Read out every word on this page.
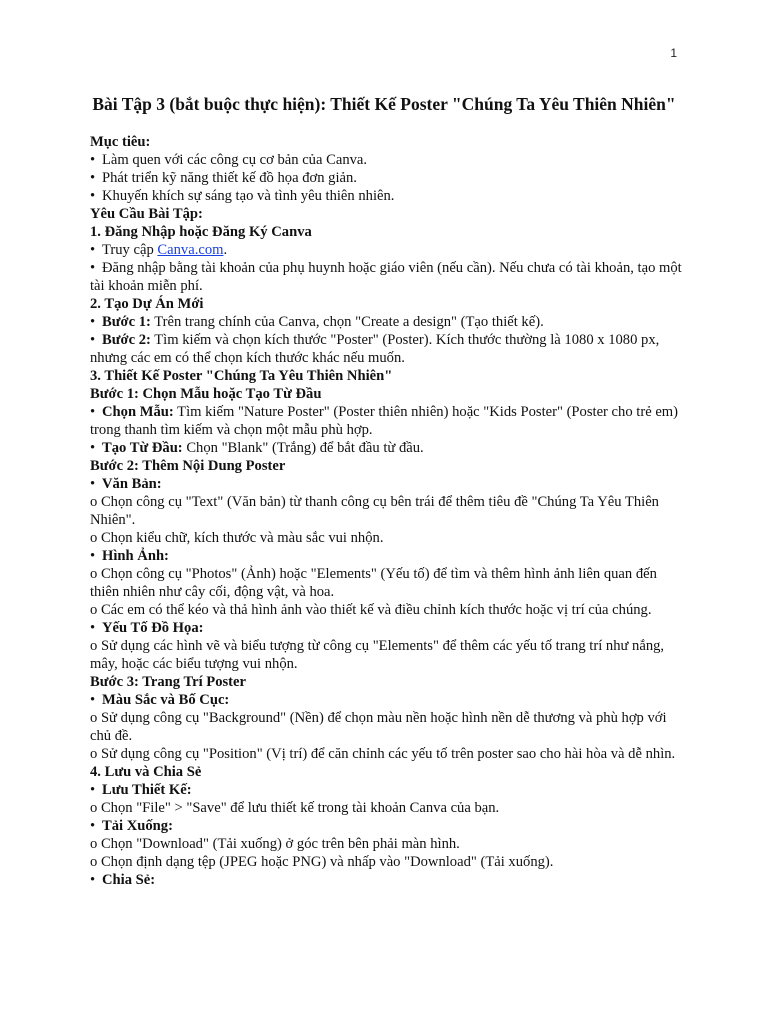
1
Bài Tập 3 (bắt buộc thực hiện): Thiết Kế Poster "Chúng Ta Yêu Thiên Nhiên"

Mục tiêu:

• Làm quen với các công cụ cơ bản của Canva.

• Phát triển kỹ năng thiết kế đồ họa đơn giản.

• Khuyến khích sự sáng tạo và tình yêu thiên nhiên.

Yêu Cầu Bài Tập:

1. Đăng Nhập hoặc Đăng Ký Canva

• Truy cập Canva.com.

• Đăng nhập bằng tài khoản của phụ huynh hoặc giáo viên (nếu cần). Nếu chưa có tài khoản, tạo một tài khoản miễn phí.

2. Tạo Dự Án Mới

• Bước 1: Trên trang chính của Canva, chọn "Create a design" (Tạo thiết kế).

• Bước 2: Tìm kiếm và chọn kích thước "Poster" (Poster). Kích thước thường là 1080 x 1080 px, nhưng các em có thể chọn kích thước khác nếu muốn.

3. Thiết Kế Poster "Chúng Ta Yêu Thiên Nhiên"

Bước 1: Chọn Mẫu hoặc Tạo Từ Đầu

• Chọn Mẫu: Tìm kiếm "Nature Poster" (Poster thiên nhiên) hoặc "Kids Poster" (Poster cho trẻ em) trong thanh tìm kiếm và chọn một mẫu phù hợp.

• Tạo Từ Đầu: Chọn "Blank" (Trắng) để bắt đầu từ đầu.

Bước 2: Thêm Nội Dung Poster

• Văn Bản:

o Chọn công cụ "Text" (Văn bản) từ thanh công cụ bên trái để thêm tiêu đề "Chúng Ta Yêu Thiên Nhiên".

o Chọn kiểu chữ, kích thước và màu sắc vui nhộn.

• Hình Ảnh:

o Chọn công cụ "Photos" (Ảnh) hoặc "Elements" (Yếu tố) để tìm và thêm hình ảnh liên quan đến thiên nhiên như cây cối, động vật, và hoa.

o Các em có thể kéo và thả hình ảnh vào thiết kế và điều chỉnh kích thước hoặc vị trí của chúng.

• Yếu Tố Đồ Họa:

o Sử dụng các hình vẽ và biểu tượng từ công cụ "Elements" để thêm các yếu tố trang trí như nắng, mây, hoặc các biểu tượng vui nhộn.

Bước 3: Trang Trí Poster

• Màu Sắc và Bố Cục:

o Sử dụng công cụ "Background" (Nền) để chọn màu nền hoặc hình nền dễ thương và phù hợp với chủ đề.

o Sử dụng công cụ "Position" (Vị trí) để căn chỉnh các yếu tố trên poster sao cho hài hòa và dễ nhìn.

4. Lưu và Chia Sẻ

• Lưu Thiết Kế:

o Chọn "File" > "Save" để lưu thiết kế trong tài khoản Canva của bạn.

• Tải Xuống:

o Chọn "Download" (Tải xuống) ở góc trên bên phải màn hình.

o Chọn định dạng tệp (JPEG hoặc PNG) và nhấp vào "Download" (Tải xuống).

• Chia Sẻ:
